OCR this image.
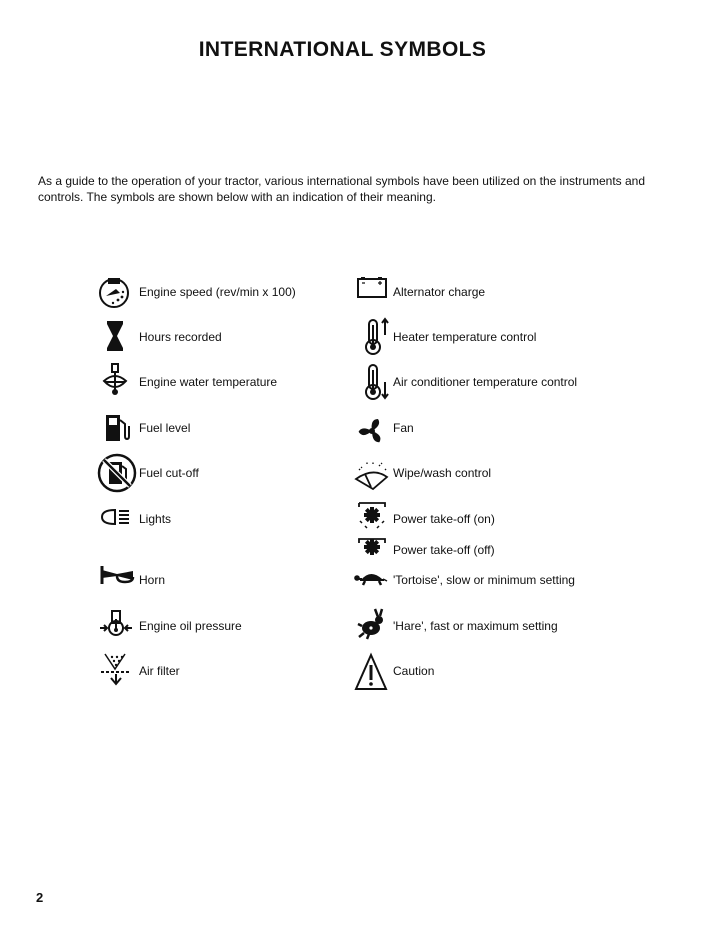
INTERNATIONAL SYMBOLS
As a guide to the operation of your tractor, various international symbols have been utilized on the instruments and controls. The symbols are shown below with an indication of their meaning.
Engine speed (rev/min x 100)
Hours recorded
Engine water temperature
Fuel level
Fuel cut-off
Lights
Horn
Engine oil pressure
Air filter
Alternator charge
Heater temperature control
Air conditioner temperature control
Fan
Wipe/wash control
Power take-off (on)
Power take-off (off)
'Tortoise', slow or minimum setting
'Hare', fast or maximum setting
Caution
2
